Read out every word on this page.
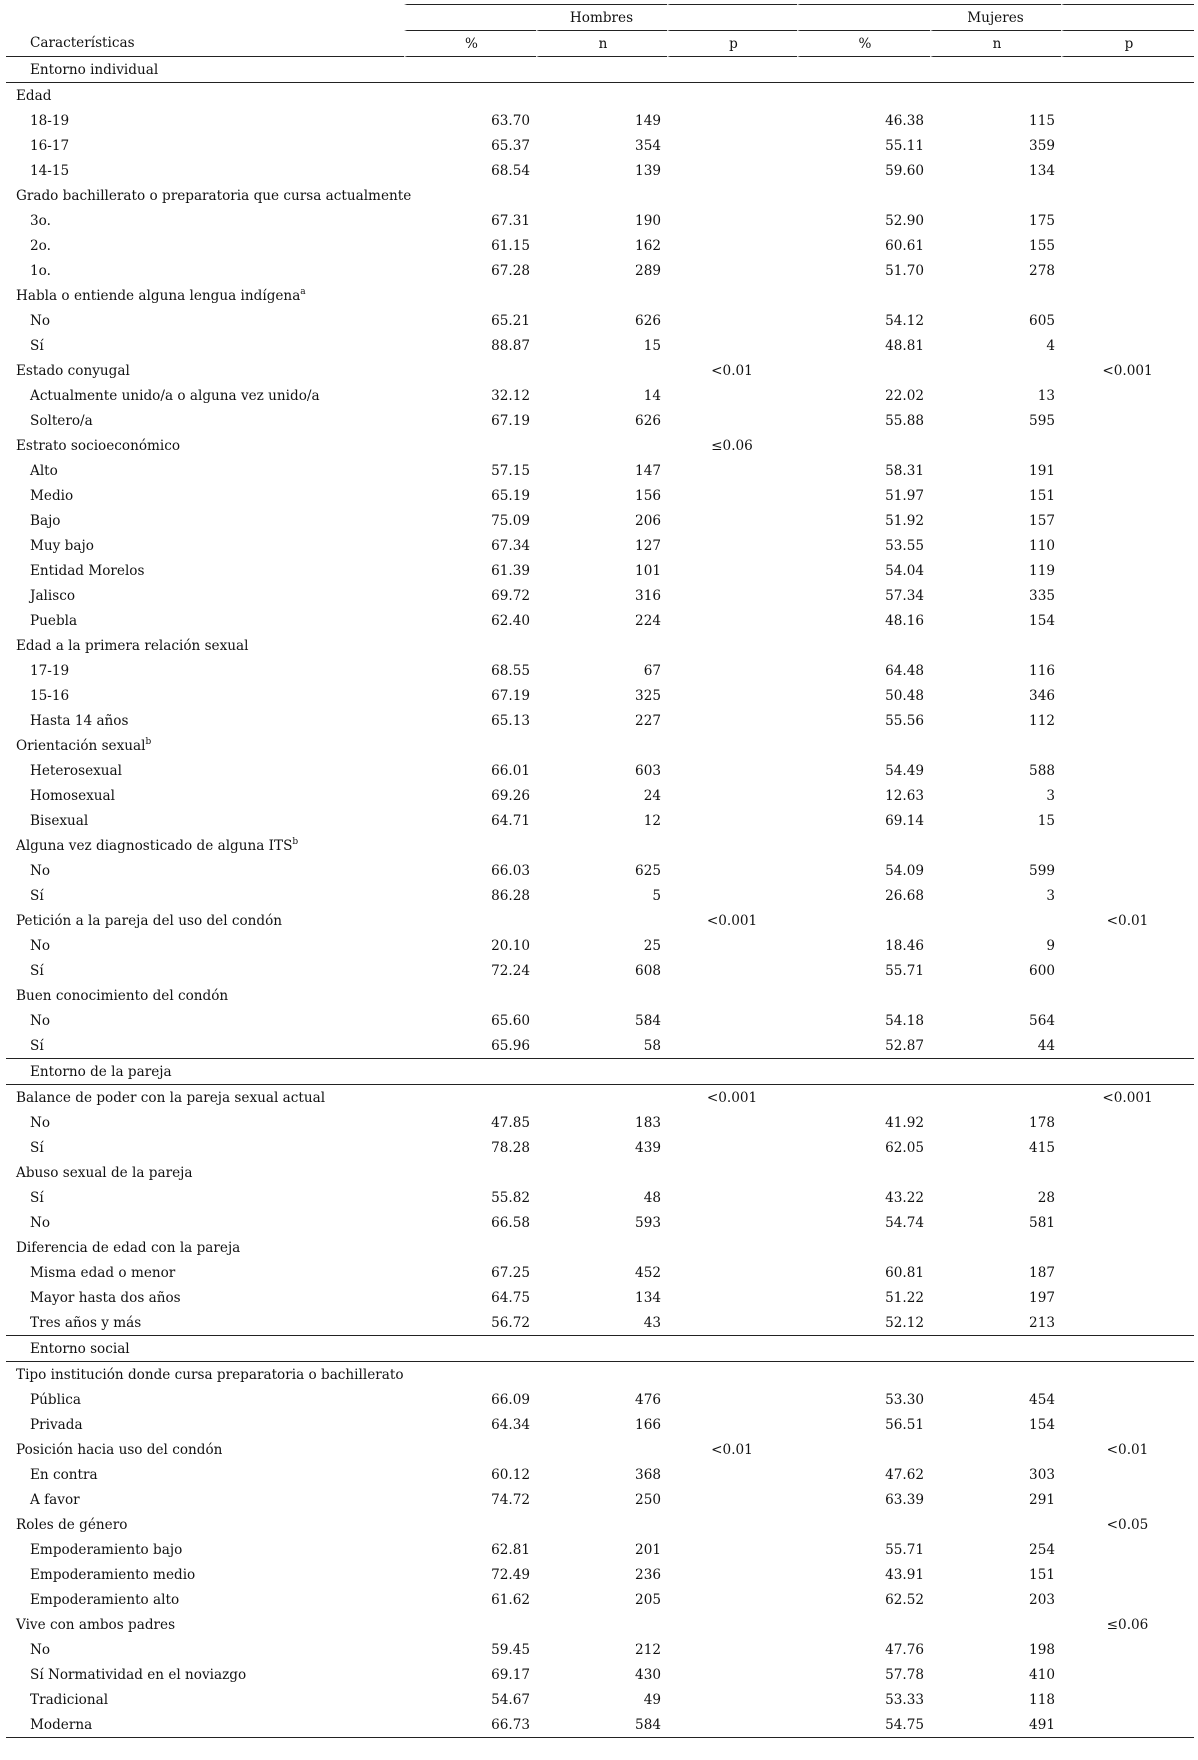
		Hombres			Mujeres	
Características	%	n	p	%	n	p
Entorno individual						
Edad						
18-19	63.70	149		46.38	115	
16-17	65.37	354		55.11	359	
14-15	68.54	139		59.60	134	
Grado bachillerato o preparatoria que cursa actualmente						
3o.	67.31	190		52.90	175	
2o.	61.15	162		60.61	155	
1o.	67.28	289		51.70	278	
Habla o entiende alguna lengua indígena$^a$						
No	65.21	626		54.12	605	
Sí	88.87	15		48.81	4	
Estado conyugal			<0.01			<0.001
Actualmente unido/a o alguna vez unido/a	32.12	14		22.02	13	
Soltero/a	67.19	626		55.88	595	
Estrato socioeconómico			≤0.06			
Alto	57.15	147		58.31	191	
Medio	65.19	156		51.97	151	
Bajo	75.09	206		51.92	157	
Muy bajo	67.34	127		53.55	110	
Entidad Morelos	61.39	101		54.04	119	
Jalisco	69.72	316		57.34	335	
Puebla	62.40	224		48.16	154	
Edad a la primera relación sexual						
17-19	68.55	67		64.48	116	
15-16	67.19	325		50.48	346	
Hasta 14 años	65.13	227		55.56	112	
Orientación sexual$^b$						
Heterosexual	66.01	603		54.49	588	
Homosexual	69.26	24		12.63	3	
Bisexual	64.71	12		69.14	15	
Alguna vez diagnosticado de alguna ITS$^b$						
No	66.03	625		54.09	599	
Sí	86.28	5		26.68	3	
Petición a la pareja del uso del condón			<0.001			<0.01
No	20.10	25		18.46	9	
Sí	72.24	608		55.71	600	
Buen conocimiento del condón						
No	65.60	584		54.18	564	
Sí	65.96	58		52.87	44	
Entorno de la pareja						
Balance de poder con la pareja sexual actual			<0.001			<0.001
No	47.85	183		41.92	178	
Sí	78.28	439		62.05	415	
Abuso sexual de la pareja						
Sí	55.82	48		43.22	28	
No	66.58	593		54.74	581	
Diferencia de edad con la pareja						
Misma edad o menor	67.25	452		60.81	187	
Mayor hasta dos años	64.75	134		51.22	197	
Tres años y más	56.72	43		52.12	213	
Entorno social						
Tipo institución donde cursa preparatoria o bachillerato						
Pública	66.09	476		53.30	454	
Privada	64.34	166		56.51	154	
Posición hacia uso del condón			<0.01			<0.01
En contra	60.12	368		47.62	303	
A favor	74.72	250		63.39	291	
Roles de género						<0.05
Empoderamiento bajo	62.81	201		55.71	254	
Empoderamiento medio	72.49	236		43.91	151	
Empoderamiento alto	61.62	205		62.52	203	
Vive con ambos padres						≤0.06
No	59.45	212		47.76	198	
Sí Normatividad en el noviazgo	69.17	430		57.78	410	
Tradicional	54.67	49		53.33	118	
Moderna	66.73	584		54.75	491	
